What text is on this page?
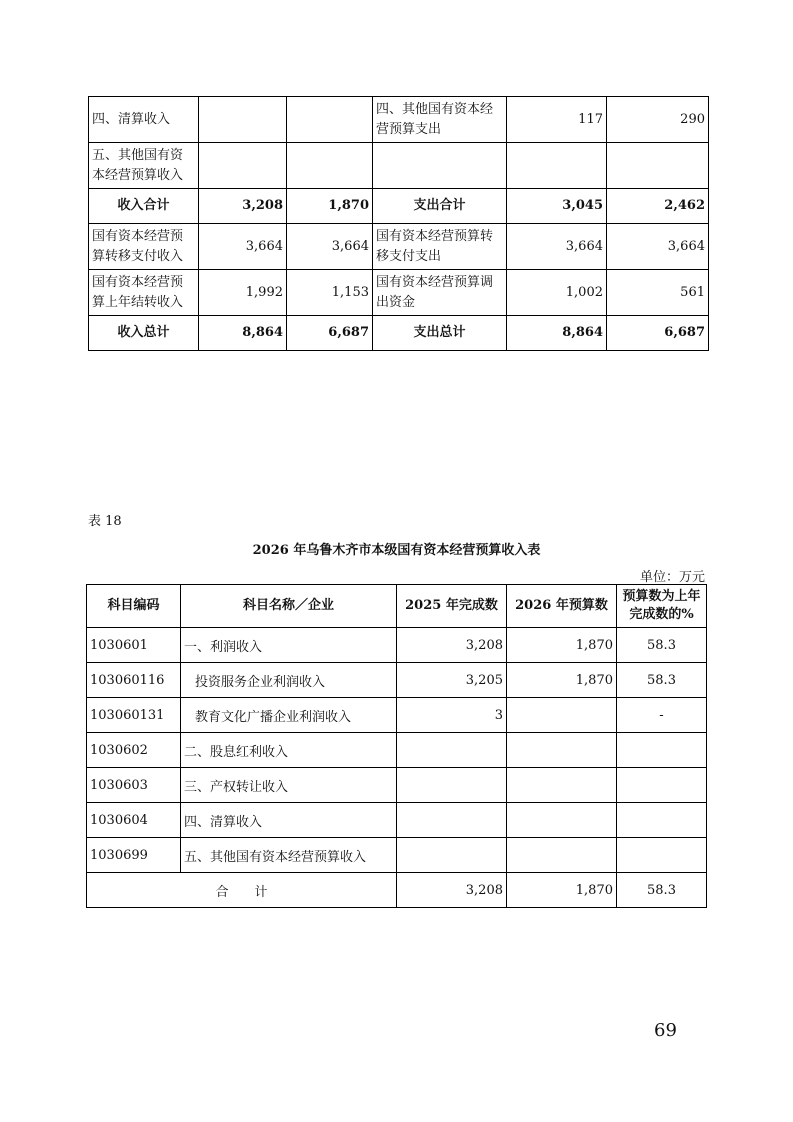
四、清算收入			四、其他国有资本经营预算支出	117	290
五、其他国有资本经营预算收入					
收入合计	3,208	1,870	支出合计	3,045	2,462
国有资本经营预算转移支付收入	3,664	3,664	国有资本经营预算转移支付支出	3,664	3,664
国有资本经营预算上年结转收入	1,992	1,153	国有资本经营预算调出资金	1,002	561
收入总计	8,864	6,687	支出总计	8,864	6,687
表 18
2026 年乌鲁木齐市本级国有资本经营预算收入表
单位：万元
科目编码	科目名称／企业	2025 年完成数	2026 年预算数	预算数为上年完成数的%
1030601	一、利润收入	3,208	1,870	58.3
103060116	投资服务企业利润收入	3,205	1,870	58.3
103060131	教育文化广播企业利润收入	3		-
1030602	二、股息红利收入			
1030603	三、产权转让收入			
1030604	四、清算收入			
1030699	五、其他国有资本经营预算收入			
合　　计		3,208	1,870	58.3
69
